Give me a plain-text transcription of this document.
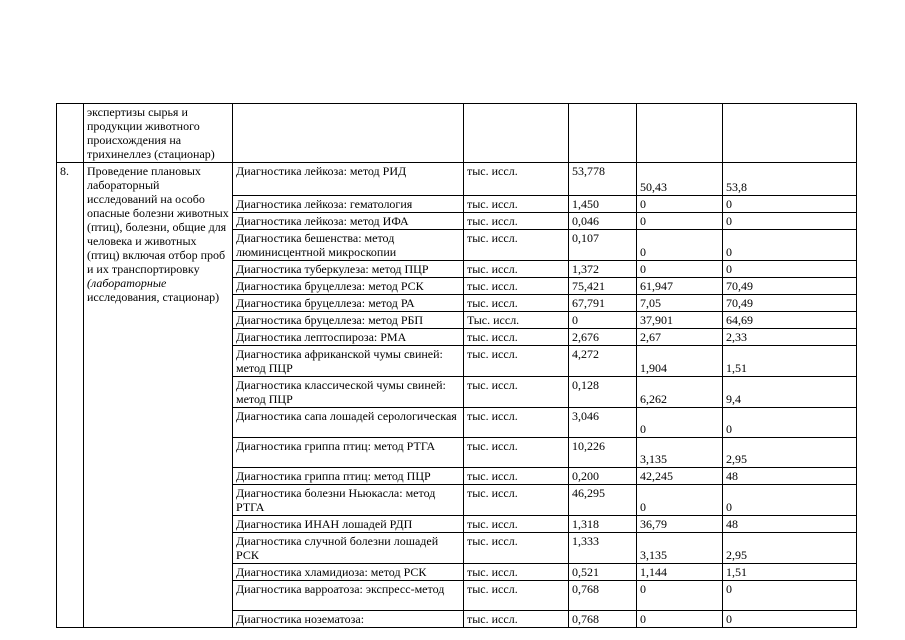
	экспертизы сырья и продукции животного происхождения на трихинеллез (стационар)					
8.	Проведение плановых лабораторный исследований на особо опасные болезни животных (птиц), болезни, общие для человека и животных (птиц) включая отбор проб и их транспортировку (лабораторные исследования, стационар)	Диагностика лейкоза: метод РИД	тыс. иссл.	53,778	50,43	53,8
		Диагностика лейкоза: гематология	тыс. иссл.	1,450	0	0
		Диагностика лейкоза: метод ИФА	тыс. иссл.	0,046	0	0
		Диагностика бешенства: метод люминисцентной микроскопии	тыс. иссл.	0,107	0	0
		Диагностика туберкулеза: метод ПЦР	тыс. иссл.	1,372	0	0
		Диагностика бруцеллеза: метод РСК	тыс. иссл.	75,421	61,947	70,49
		Диагностика бруцеллеза: метод РА	тыс. иссл.	67,791	7,05	70,49
		Диагностика бруцеллеза: метод РБП	Тыс. иссл.	0	37,901	64,69
		Диагностика лептоспироза: РМА	тыс. иссл.	2,676	2,67	2,33
		Диагностика африканской чумы свиней: метод ПЦР	тыс. иссл.	4,272	1,904	1,51
		Диагностика классической чумы свиней: метод ПЦР	тыс. иссл.	0,128	6,262	9,4
		Диагностика сапа лошадей серологическая	тыс. иссл.	3,046	0	0
		Диагностика гриппа птиц: метод РТГА	тыс. иссл.	10,226	3,135	2,95
		Диагностика гриппа птиц: метод ПЦР	тыс. иссл.	0,200	42,245	48
		Диагностика болезни Ньюкасла: метод РТГА	тыс. иссл.	46,295	0	0
		Диагностика ИНАН лошадей РДП	тыс. иссл.	1,318	36,79	48
		Диагностика случной болезни лошадей РСК	тыс. иссл.	1,333	3,135	2,95
		Диагностика хламидиоза: метод РСК	тыс. иссл.	0,521	1,144	1,51
		Диагностика варроатоза: экспресс-метод	тыс. иссл.	0,768	0	0
		Диагностика нозематоза:	тыс. иссл.	0,768	0	0
